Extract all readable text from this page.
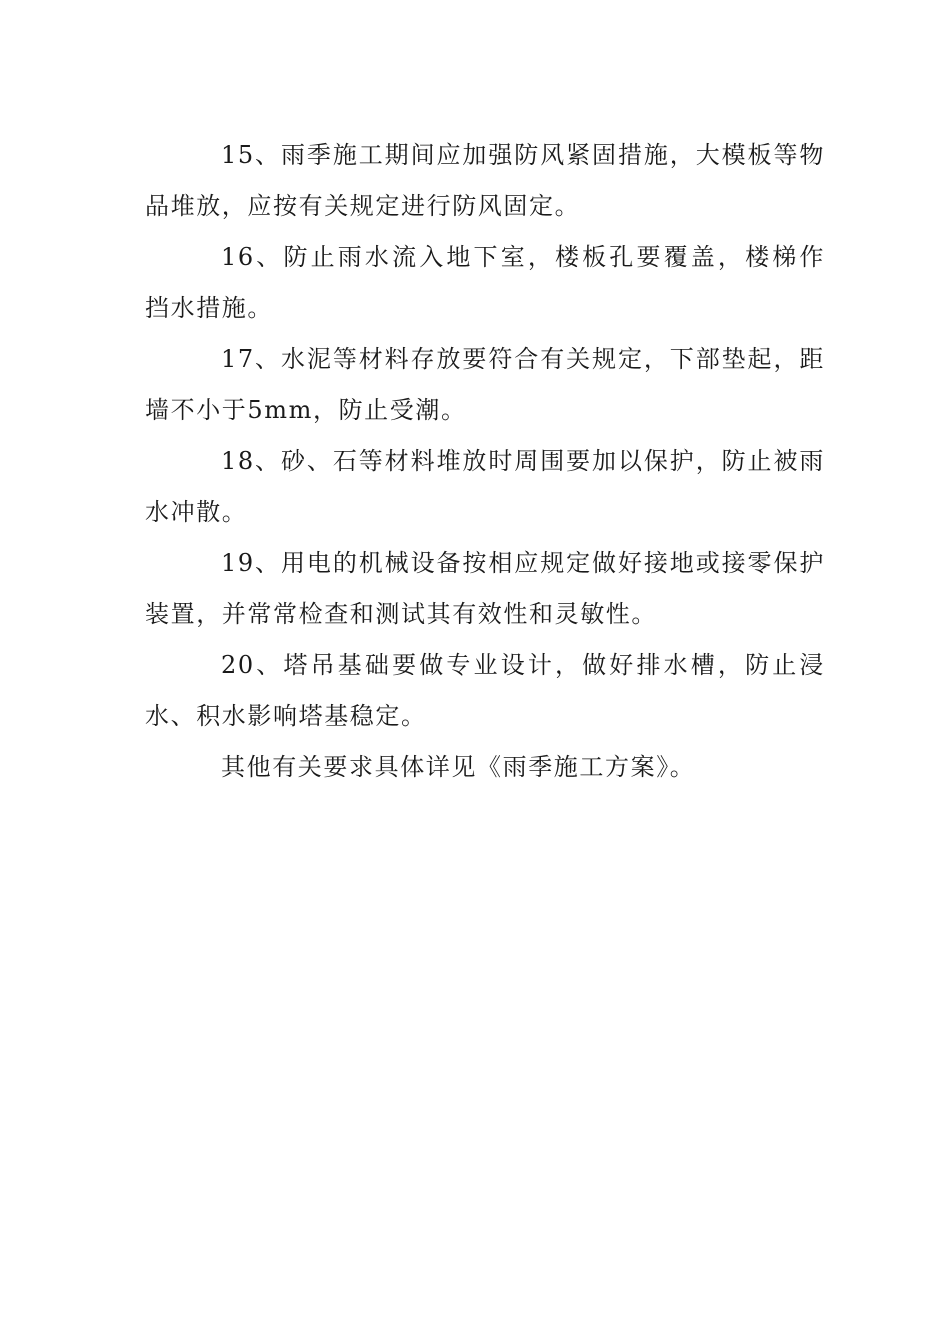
15、雨季施工期间应加强防风紧固措施，大模板等物品堆放，应按有关规定进行防风固定。

16、防止雨水流入地下室，楼板孔要覆盖，楼梯作 挡水措施。

17、水泥等材料存放要符合有关规定，下部垫起，距墙不小于5mm，防止受潮。

18、砂、石等材料堆放时周围要加以保护，防止被雨水冲散。

19、用电的机械设备按相应规定做好接地或接零保护装置，并常常检查和测试其有效性和灵敏性。

20、塔吊基础要做专业设计，做好排水槽，防止浸水、积水影响塔基稳定。

其他有关要求具体详见《雨季施工方案》。
